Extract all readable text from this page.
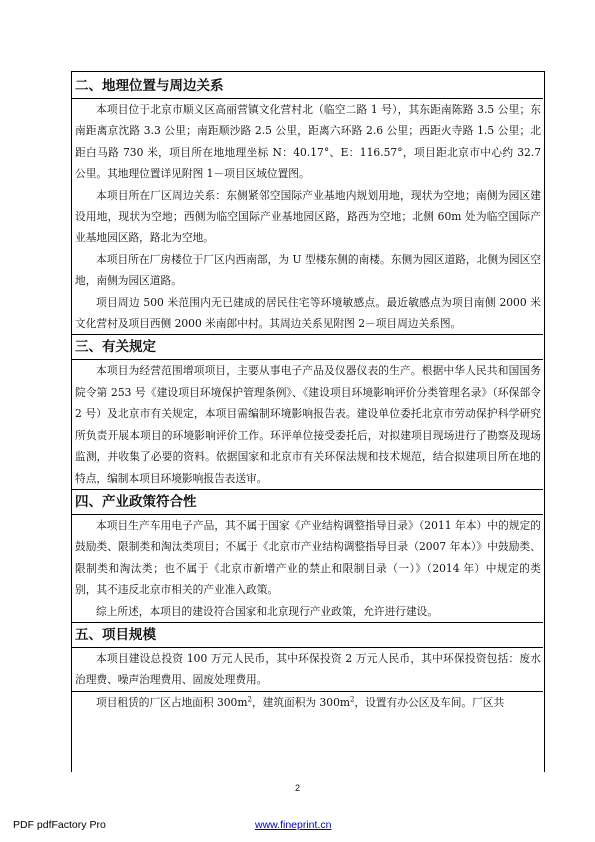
二、地理位置与周边关系

本项目位于北京市顺义区高丽营镇文化营村北（临空二路 1 号），其东距南陈路 3.5 公里；东南距离京沈路 3.3 公里；南距顺沙路 2.5 公里，距离六环路 2.6 公里；西距火寺路 1.5 公里；北距白马路 730 米，项目所在地地理坐标 N：40.17°、E：116.57°，项目距北京市中心约 32.7 公里。其地理位置详见附图 1－项目区域位置图。

本项目所在厂区周边关系：东侧紧邻空国际产业基地内规划用地，现状为空地；南侧为园区建设用地，现状为空地；西侧为临空国际产业基地园区路，路西为空地；北侧 60m 处为临空国际产业基地园区路，路北为空地。

本项目所在厂房楼位于厂区内西南部，为 U 型楼东侧的南楼。东侧为园区道路，北侧为园区空地，南侧为园区道路。

项目周边 500 米范围内无已建成的居民住宅等环境敏感点。最近敏感点为项目南侧 2000 米文化营村及项目西侧 2000 米南郎中村。其周边关系见附图 2－项目周边关系图。

三、有关规定

本项目为经营范围增项项目，主要从事电子产品及仪器仪表的生产。根据中华人民共和国国务院令第 253 号《建设项目环境保护管理条例》、《建设项目环境影响评价分类管理名录》（环保部令 2 号）及北京市有关规定，本项目需编制环境影响报告表。建设单位委托北京市劳动保护科学研究所负责开展本项目的环境影响评价工作。环评单位接受委托后，对拟建项目现场进行了勘察及现场监测，并收集了必要的资料。依据国家和北京市有关环保法规和技术规范，结合拟建项目所在地的特点，编制本项目环境影响报告表送审。

四、产业政策符合性

本项目生产车用电子产品，其不属于国家《产业结构调整指导目录》（2011 年本）中的规定的鼓励类、限制类和淘汰类项目；不属于《北京市产业结构调整指导目录（2007 年本）》中鼓励类、限制类和淘汰类；也不属于《北京市新增产业的禁止和限制目录（一）》（2014 年）中规定的类别，其不违反北京市相关的产业准入政策。

综上所述，本项目的建设符合国家和北京现行产业政策，允许进行建设。

五、项目规模

本项目建设总投资 100 万元人民币，其中环保投资 2 万元人民币，其中环保投资包括：废水治理费、噪声治理费用、固废处理费用。

项目租赁的厂区占地面积 $300m^2$，建筑面积为 $300m^2$，设置有办公区及车间。厂区共

2
PDF pdfFactory Pro	www.fineprint.cn
